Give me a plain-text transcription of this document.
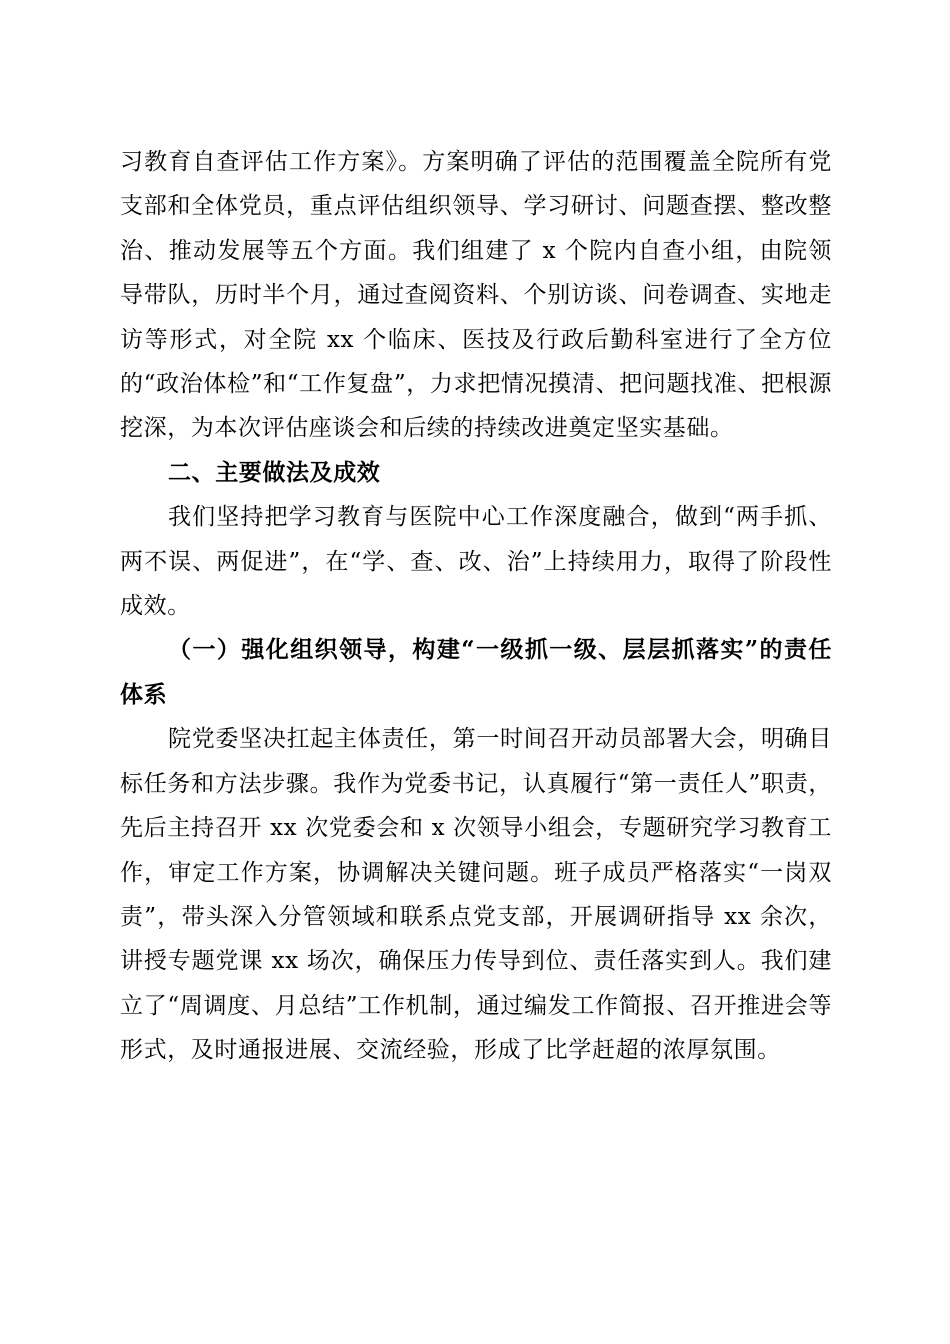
习教育自查评估工作方案》。方案明确了评估的范围覆盖全院所有党支部和全体党员，重点评估组织领导、学习研讨、问题查摆、整改整治、推动发展等五个方面。我们组建了 x 个院内自查小组，由院领导带队，历时半个月，通过查阅资料、个别访谈、问卷调查、实地走访等形式，对全院 xx 个临床、医技及行政后勤科室进行了全方位的“政治体检”和“工作复盘”，力求把情况摸清、把问题找准、把根源挖深，为本次评估座谈会和后续的持续改进奠定坚实基础。

二、主要做法及成效

我们坚持把学习教育与医院中心工作深度融合，做到“两手抓、两不误、两促进”，在“学、查、改、治”上持续用力，取得了阶段性成效。

（一）强化组织领导，构建“一级抓一级、层层抓落实”的责任体系

院党委坚决扛起主体责任，第一时间召开动员部署大会，明确目标任务和方法步骤。我作为党委书记，认真履行“第一责任人”职责，先后主持召开 xx 次党委会和 x 次领导小组会，专题研究学习教育工作，审定工作方案，协调解决关键问题。班子成员严格落实“一岗双责”，带头深入分管领域和联系点党支部，开展调研指导 xx 余次，讲授专题党课 xx 场次，确保压力传导到位、责任落实到人。我们建立了“周调度、月总结”工作机制，通过编发工作简报、召开推进会等形式，及时通报进展、交流经验，形成了比学赶超的浓厚氛围。
